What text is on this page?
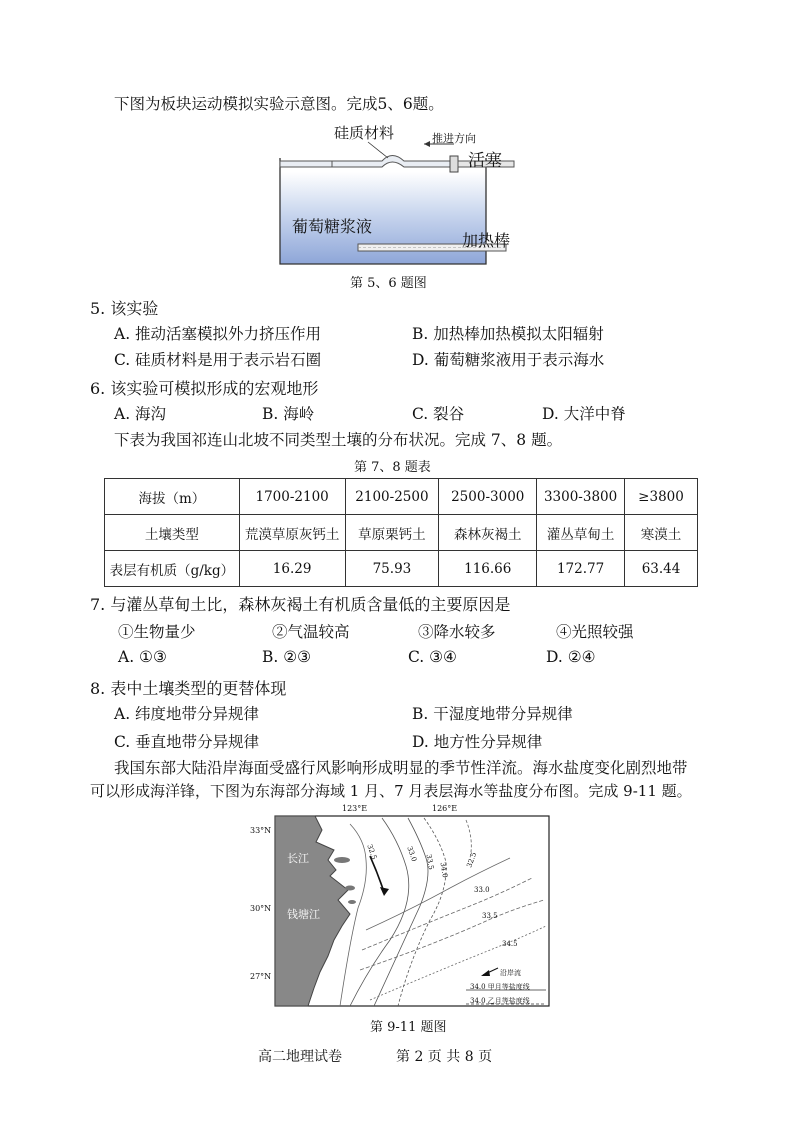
下图为板块运动模拟实验示意图。完成5、6题。
硅质材料	推进方向
活塞
葡萄糖浆液
加热棒
第 5、6 题图
5. 该实验
A. 推动活塞模拟外力挤压作用	B. 加热棒加热模拟太阳辐射
C. 硅质材料是用于表示岩石圈	D. 葡萄糖浆液用于表示海水
6. 该实验可模拟形成的宏观地形
A. 海沟	B. 海岭	C. 裂谷	D. 大洋中脊
下表为我国祁连山北坡不同类型土壤的分布状况。完成 7、8 题。
第 7、8 题表
海拔（m）	1700-2100	2100-2500	2500-3000	3300-3800	≥3800
土壤类型	荒漠草原灰钙土	草原栗钙土	森林灰褐土	灌丛草甸土	寒漠土
表层有机质（g/kg）	16.29	75.93	116.66	172.77	63.44
7. 与灌丛草甸土比，森林灰褐土有机质含量低的主要原因是
①生物量少	②气温较高	③降水较多	④光照较强
A. ①③	B. ②③	C. ③④	D. ②④
8. 表中土壤类型的更替体现
A. 纬度地带分异规律	B. 干湿度地带分异规律
C. 垂直地带分异规律	D. 地方性分异规律
我国东部大陆沿岸海面受盛行风影响形成明显的季节性洋流。海水盐度变化剧烈地带
可以形成海洋锋，下图为东海部分海域 1 月、7 月表层海水等盐度分布图。完成 9-11 题。
123°E	126°E
33°N
30°N
27°N
长江
钱塘江
32.5	33.0 33.5 34.0
32.5
33.0
33.5
34.5
沿岸流
34.0 甲月等盐度线
34.0 乙月等盐度线
第 9-11 题图
高二地理试卷	第 2 页 共 8 页
